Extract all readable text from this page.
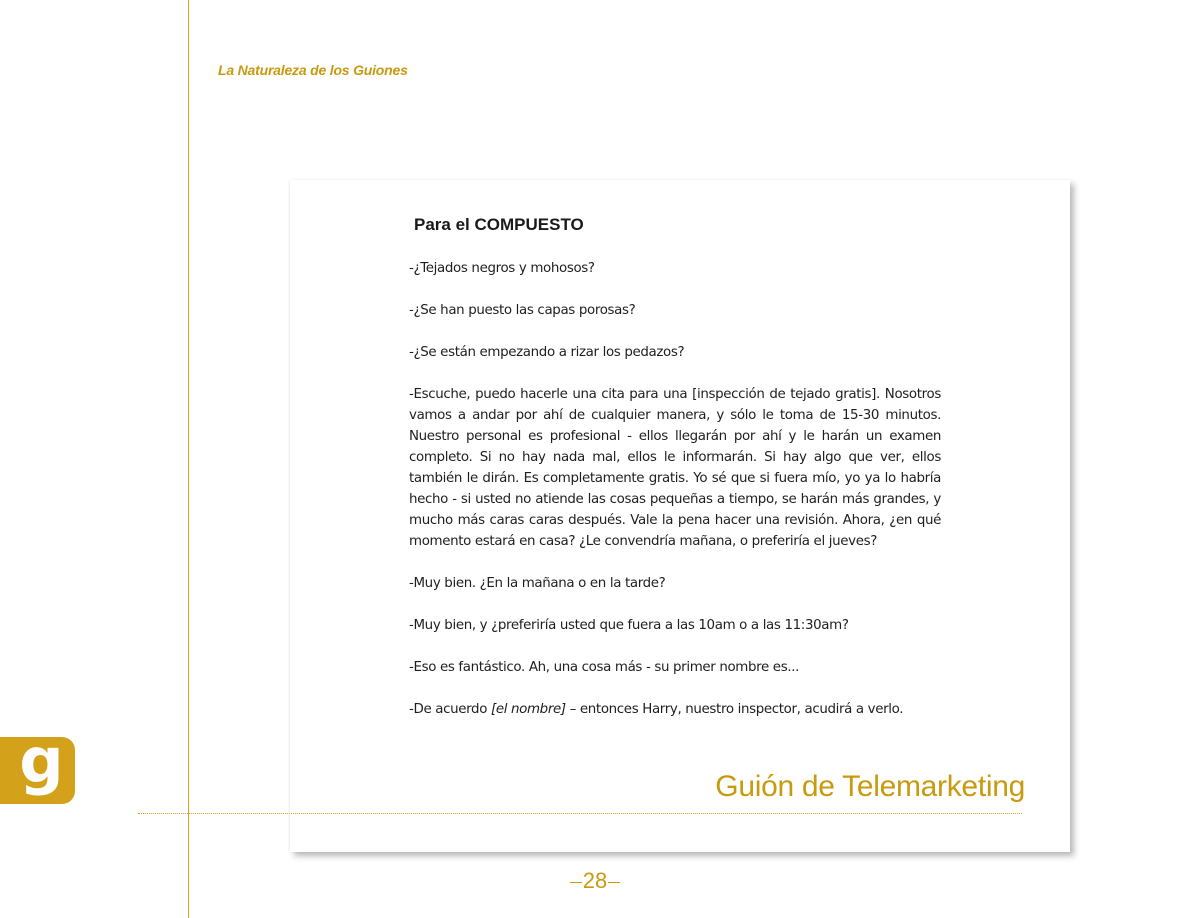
La Naturaleza de los Guiones
Para el COMPUESTO

-¿Tejados negros y mohosos?

-¿Se han puesto las capas porosas?

-¿Se están empezando a rizar los pedazos?

-Escuche, puedo hacerle una cita para una [inspección de tejado gratis]. Nosotros vamos a andar por ahí de cualquier manera, y sólo le toma de 15-30 minutos. Nuestro personal es profesional - ellos llegarán por ahí y le harán un examen completo. Si no hay nada mal, ellos le informarán. Si hay algo que ver, ellos también le dirán. Es completamente gratis. Yo sé que si fuera mío, yo ya lo habría hecho - si usted no atiende las cosas pequeñas a tiempo, se harán más grandes, y mucho más caras caras después. Vale la pena hacer una revisión. Ahora, ¿en qué momento estará en casa? ¿Le convendría mañana, o preferiría el jueves?

-Muy bien. ¿En la mañana o en la tarde?

-Muy bien, y ¿preferiría usted que fuera a las 10am o a las 11:30am?

-Eso es fantástico. Ah, una cosa más - su primer nombre es...

-De acuerdo [el nombre] – entonces Harry, nuestro inspector, acudirá a verlo.

g	Guión de Telemarketing
28
